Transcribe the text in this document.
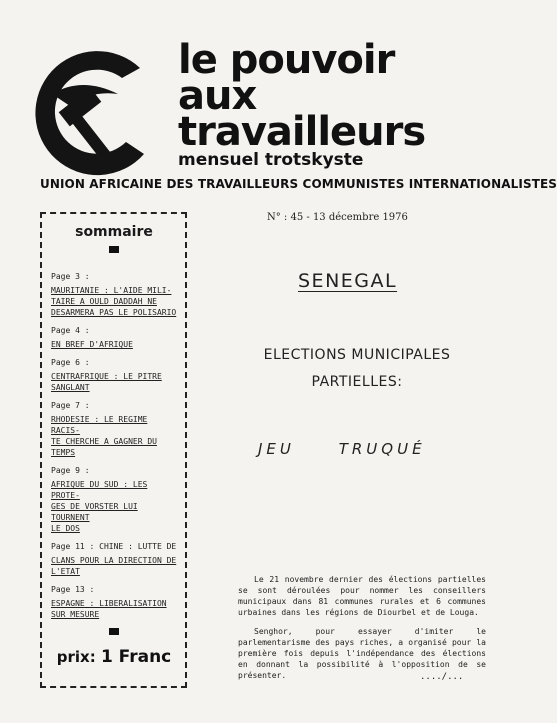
le pouvoir
aux
travailleurs
mensuel trotskyste
UNION AFRICAINE DES TRAVAILLEURS COMMUNISTES INTERNATIONALISTES
sommaire
Page 3 :
MAURITANIE : L'AIDE MILI-
TAIRE A OULD DADDAH NE
DESARMERA PAS LE POLISARIO
Page 4 :
EN BREF D'AFRIQUE
Page 6 :
CENTRAFRIQUE : LE PITRE
SANGLANT
Page 7 :
RHODESIE : LE REGIME RACIS-
TE CHERCHE A GAGNER DU TEMPS
Page 9 :
AFRIQUE DU SUD : LES PROTE-
GES DE VORSTER LUI TOURNENT
LE DOS
Page 11 : CHINE : LUTTE DE
CLANS POUR LA DIRECTION DE
L'ETAT
Page 13 :
ESPAGNE : LIBERALISATION
SUR MESURE
prix: 1 Franc
N° : 45 - 13 décembre 1976
SENEGAL
ELECTIONS MUNICIPALES
PARTIELLES:
JEU     TRUQUÉ
Le 21 novembre dernier des élections partielles se sont déroulées pour nommer les conseillers municipaux dans 81 communes rurales et 6 communes urbaines dans les régions de Diourbel et de Louga.
Senghor, pour essayer d'imiter le parlementarisme des pays riches, a organisé pour la première fois depuis l'indépendance des élections en donnant la possibilité à l'opposition de se présenter.	..../...
